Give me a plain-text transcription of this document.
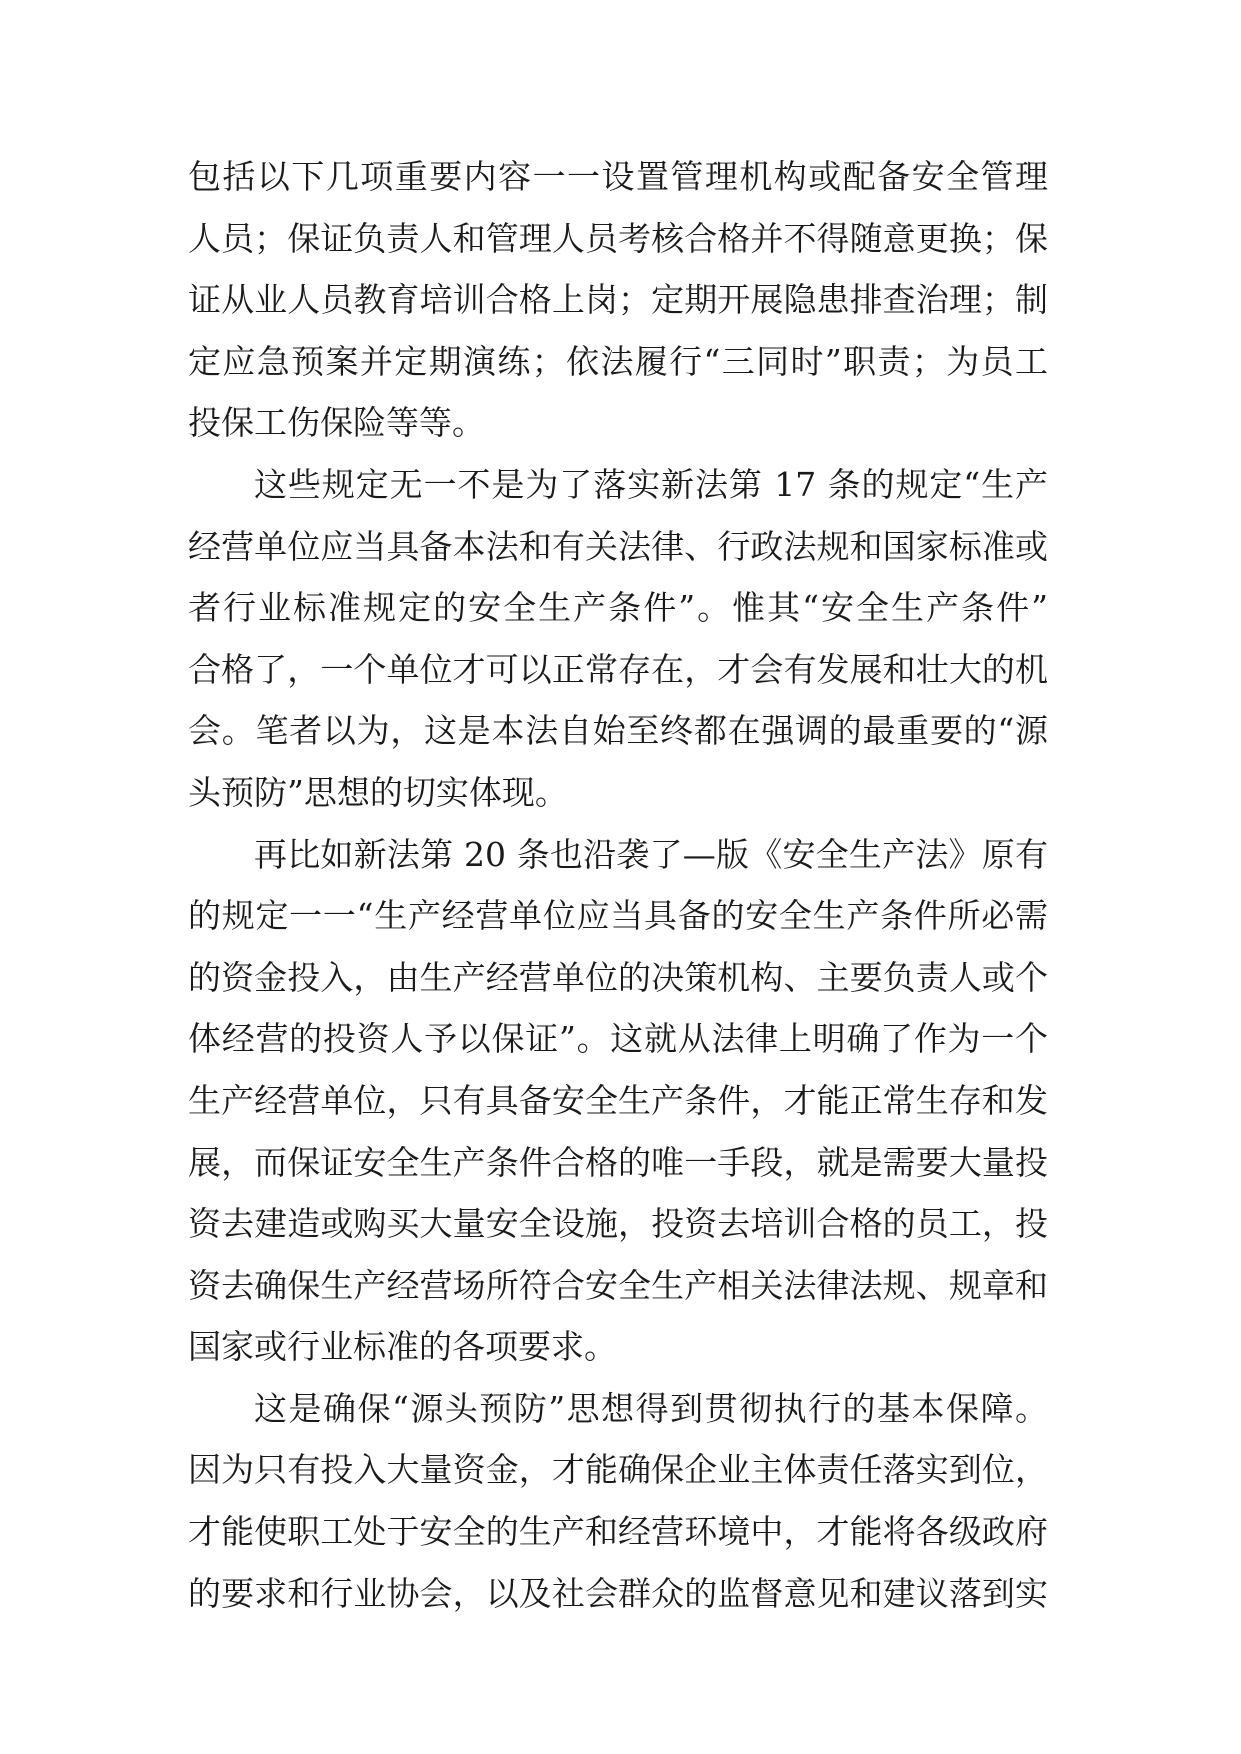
包括以下几项重要内容一一设置管理机构或配备安全管理
人员；保证负责人和管理人员考核合格并不得随意更换；保
证从业人员教育培训合格上岗；定期开展隐患排查治理；制
定应急预案并定期演练；依法履行“三同时”职责；为员工
投保工伤保险等等。
这些规定无一不是为了落实新法第 17 条的规定“生产
经营单位应当具备本法和有关法律、行政法规和国家标准或
者行业标准规定的安全生产条件”。惟其“安全生产条件”
合格了，一个单位才可以正常存在，才会有发展和壮大的机
会。笔者以为，这是本法自始至终都在强调的最重要的“源
头预防”思想的切实体现。
再比如新法第 20 条也沿袭了—版《安全生产法》原有
的规定一一“生产经营单位应当具备的安全生产条件所必需
的资金投入，由生产经营单位的决策机构、主要负责人或个
体经营的投资人予以保证”。这就从法律上明确了作为一个
生产经营单位，只有具备安全生产条件，才能正常生存和发
展，而保证安全生产条件合格的唯一手段，就是需要大量投
资去建造或购买大量安全设施，投资去培训合格的员工，投
资去确保生产经营场所符合安全生产相关法律法规、规章和
国家或行业标准的各项要求。
这是确保“源头预防”思想得到贯彻执行的基本保障。
因为只有投入大量资金，才能确保企业主体责任落实到位，
才能使职工处于安全的生产和经营环境中，才能将各级政府
的要求和行业协会，以及社会群众的监督意见和建议落到实
